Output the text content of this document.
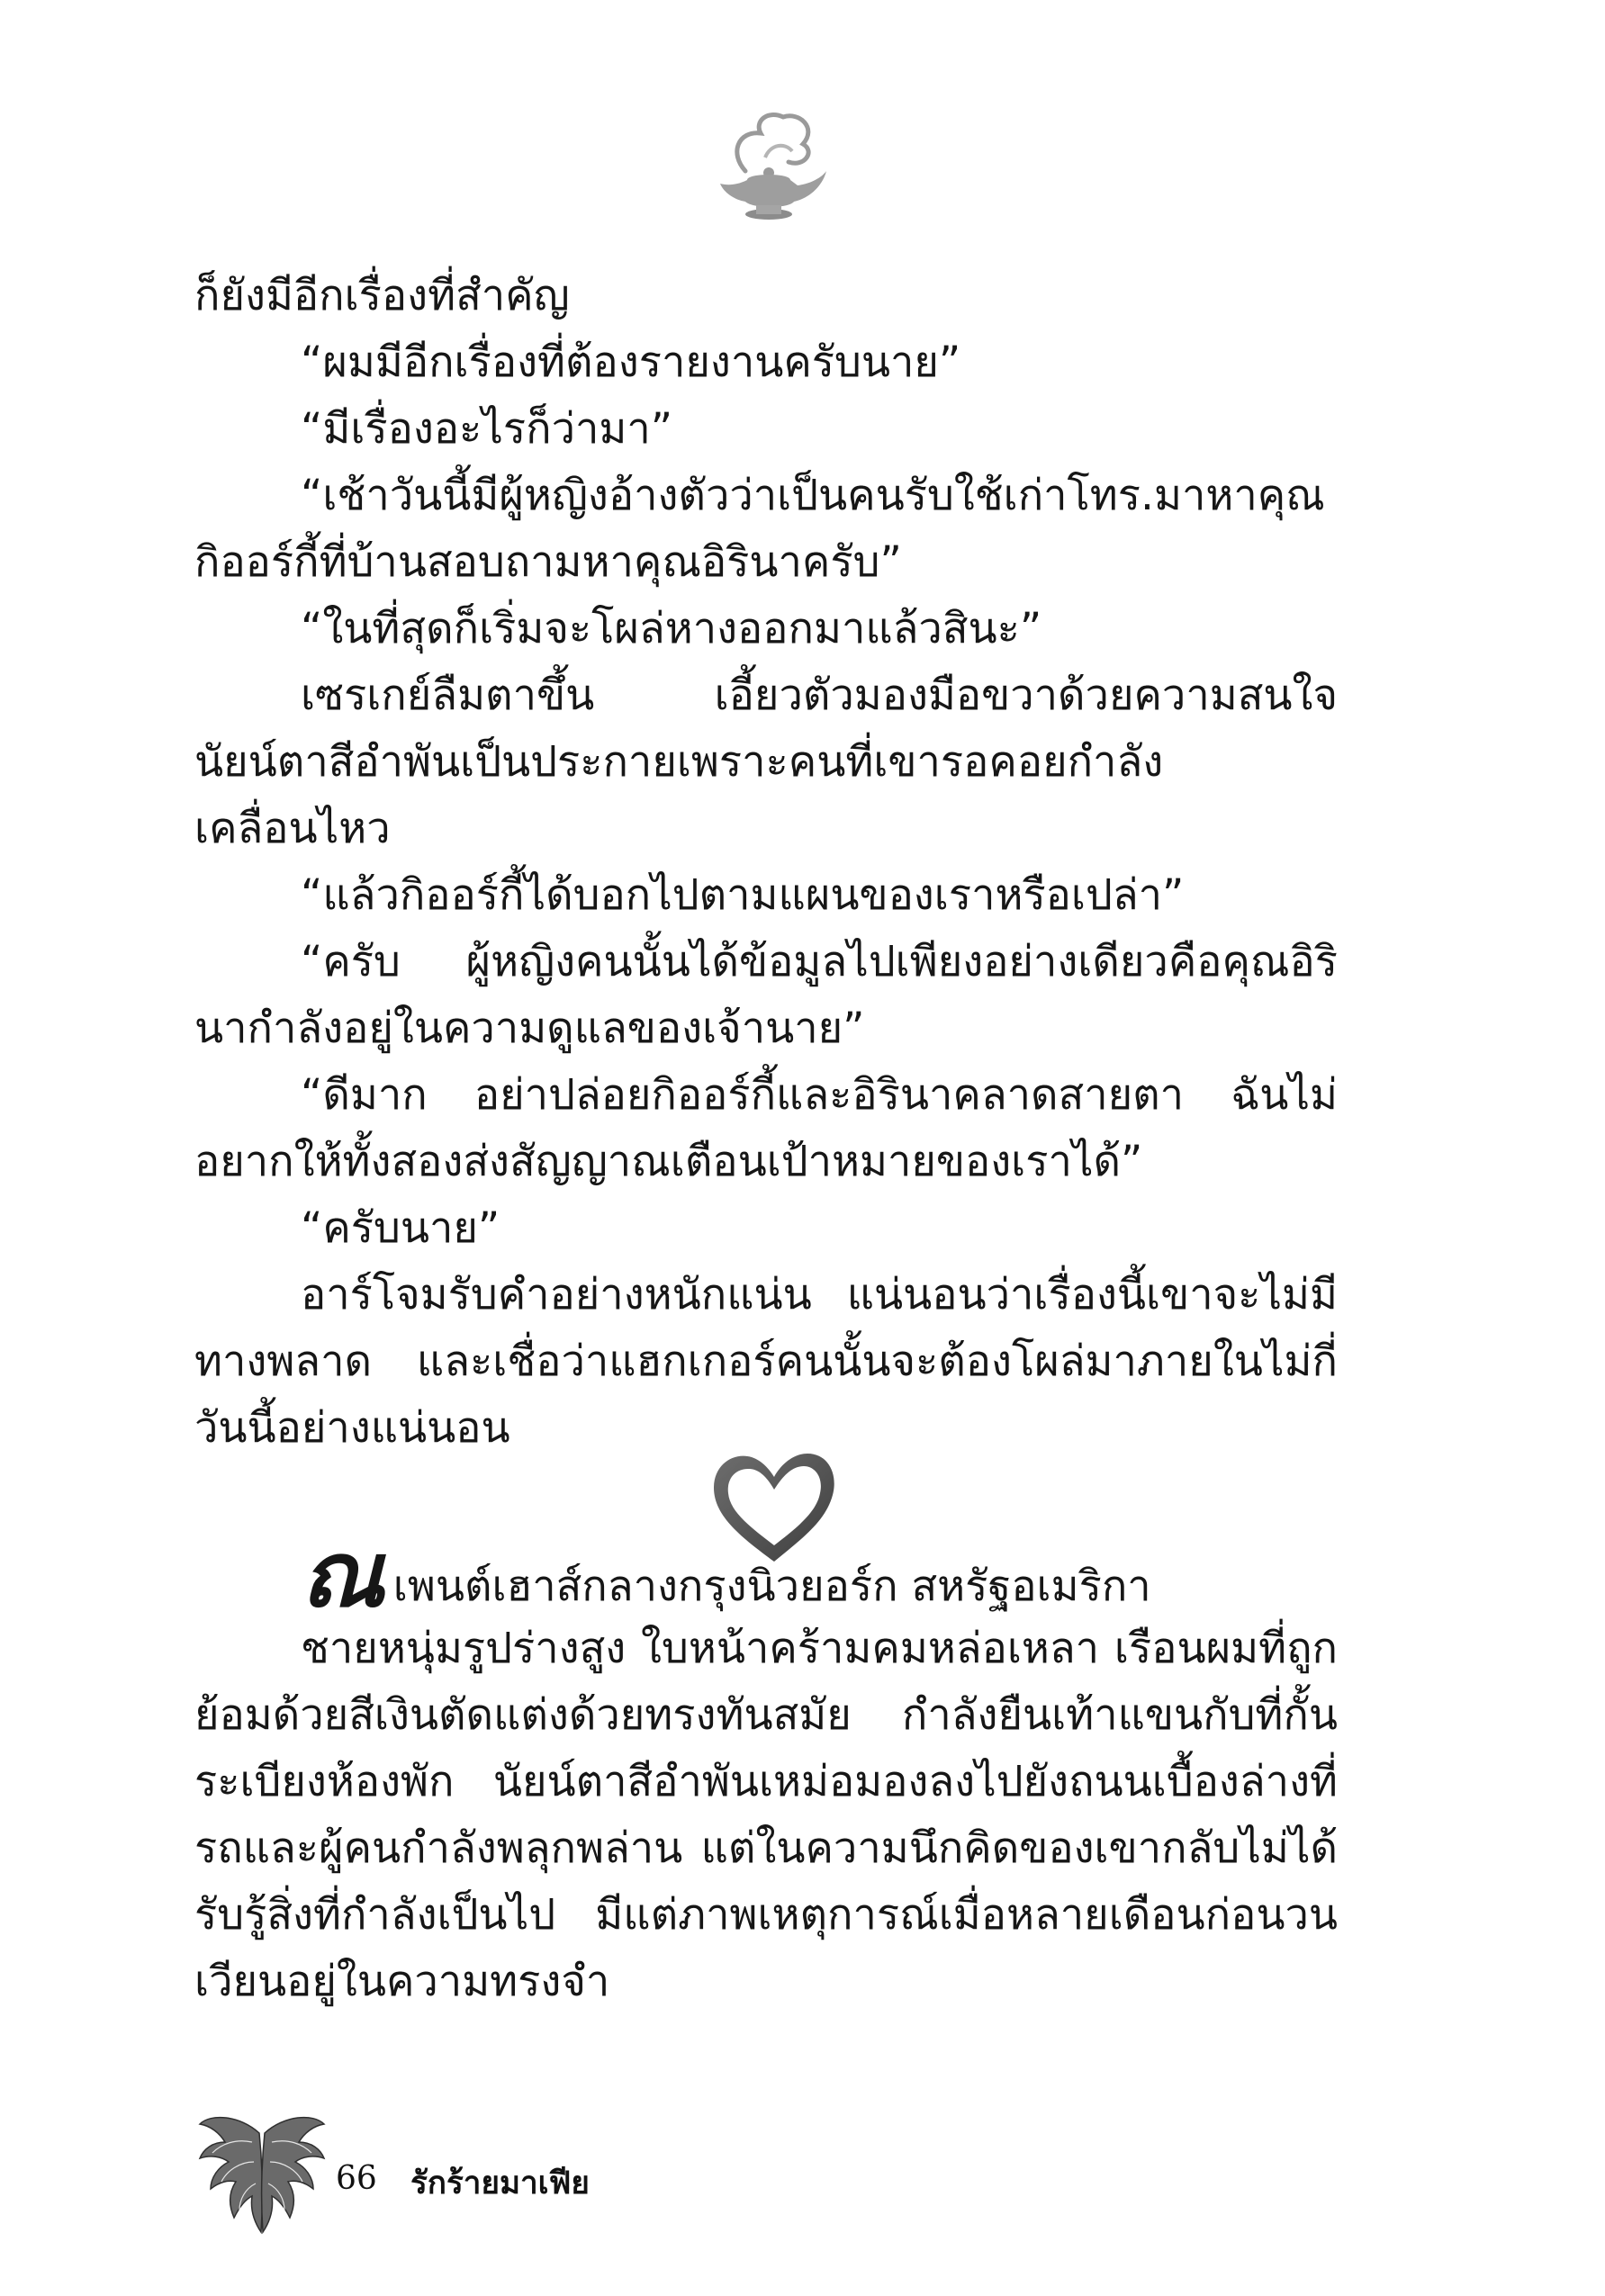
ก็ยังมีอีกเรื่องที่สำคัญ

“ผมมีอีกเรื่องที่ต้องรายงานครับนาย”

“มีเรื่องอะไรก็ว่ามา”

“เช้าวันนี้มีผู้หญิงอ้างตัวว่าเป็นคนรับใช้เก่าโทร.มาหาคุณกิออร์กี้ที่บ้านสอบถามหาคุณอิรินาครับ”

“ในที่สุดก็เริ่มจะโผล่หางออกมาแล้วสินะ”

เซรเกย์ลืมตาขึ้น เอี้ยวตัวมองมือขวาด้วยความสนใจ นัยน์ตาสีอำพันเป็นประกายเพราะคนที่เขารอคอยกำลังเคลื่อนไหว

“แล้วกิออร์กี้ได้บอกไปตามแผนของเราหรือเปล่า”

“ครับ ผู้หญิงคนนั้นได้ข้อมูลไปเพียงอย่างเดียวคือคุณอิรินากำลังอยู่ในความดูแลของเจ้านาย”

“ดีมาก อย่าปล่อยกิออร์กี้และอิรินาคลาดสายตา ฉันไม่อยากให้ทั้งสองส่งสัญญาณเตือนเป้าหมายของเราได้”

“ครับนาย”

อาร์โจมรับคำอย่างหนักแน่น แน่นอนว่าเรื่องนี้เขาจะไม่มีทางพลาด และเชื่อว่าแฮกเกอร์คนนั้นจะต้องโผล่มาภายในไม่กี่วันนี้อย่างแน่นอน

ณเพนต์เฮาส์กลางกรุงนิวยอร์ก สหรัฐอเมริกา

ชายหนุ่มรูปร่างสูง ใบหน้าคร้ามคมหล่อเหลา เรือนผมที่ถูกย้อมด้วยสีเงินตัดแต่งด้วยทรงทันสมัย กำลังยืนเท้าแขนกับที่กั้นระเบียงห้องพัก นัยน์ตาสีอำพันเหม่อมองลงไปยังถนนเบื้องล่างที่รถและผู้คนกำลังพลุกพล่าน แต่ในความนึกคิดของเขากลับไม่ได้รับรู้สิ่งที่กำลังเป็นไป มีแต่ภาพเหตุการณ์เมื่อหลายเดือนก่อนวนเวียนอยู่ในความทรงจำ

66 รักร้ายมาเฟีย
